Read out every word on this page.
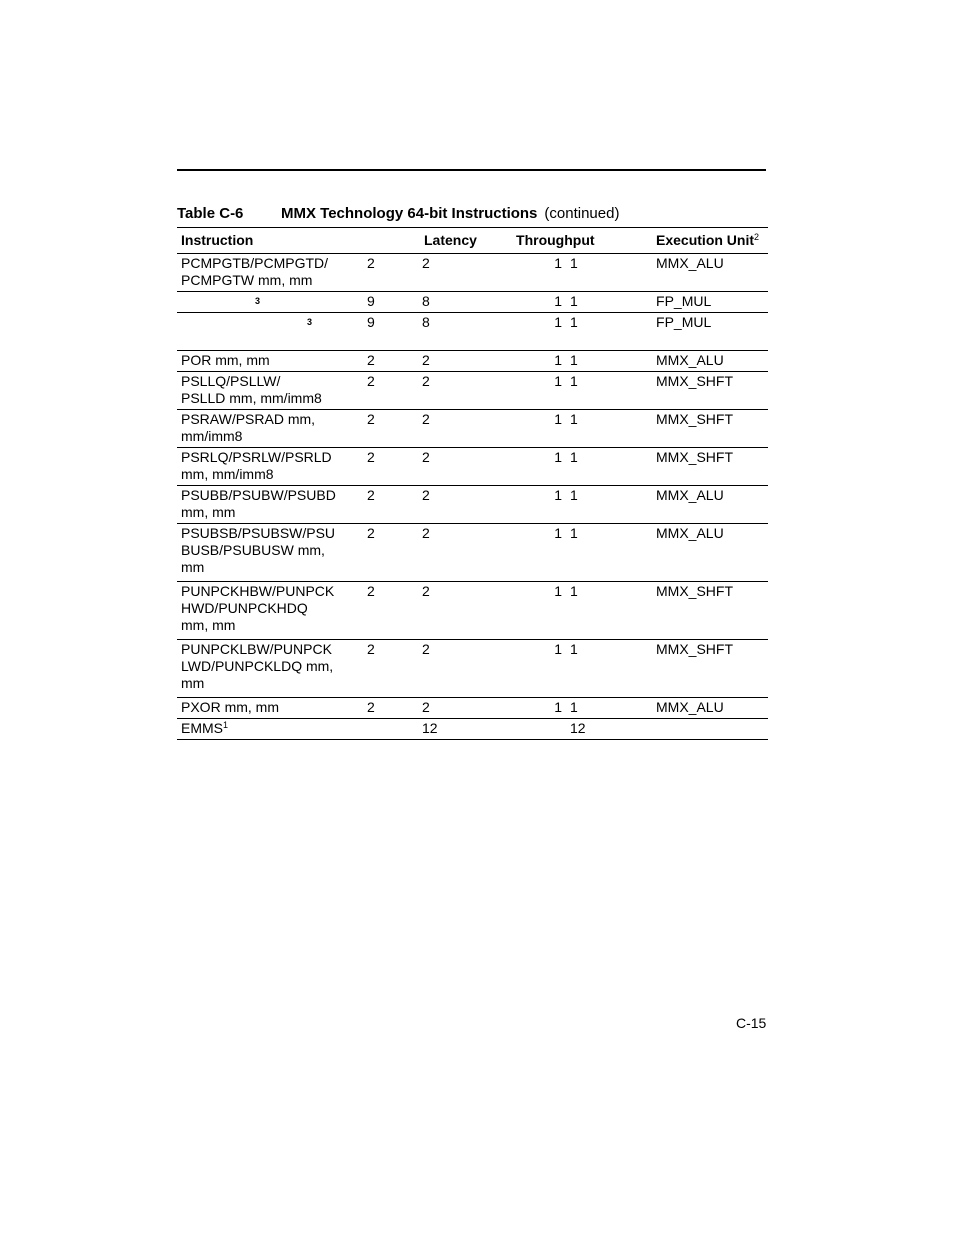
Table C-6	MMX Technology 64-bit Instructions (continued)
Instruction	Latency	Throughput	Execution Unit$^2$
PCMPGTB/PCMPGTD/
PCMPGTW mm, mm	2	2	1	1	MMX_ALU

3	9	8	1	1	FP_MUL

3	9	8	1	1	FP_MUL
POR mm, mm	2	2	1	1	MMX_ALU
PSLLQ/PSLLW/
PSLLD mm, mm/imm8	2	2	1	1	MMX_SHFT
PSRAW/PSRAD mm,
mm/imm8	2	2	1	1	MMX_SHFT
PSRLQ/PSRLW/PSRLD
mm, mm/imm8	2	2	1	1	MMX_SHFT
PSUBB/PSUBW/PSUBD
mm, mm	2	2	1	1	MMX_ALU
PSUBSB/PSUBSW/PSU
BUSB/PSUBUSW mm,
mm	2	2	1	1	MMX_ALU
PUNPCKHBW/PUNPCK
HWD/PUNPCKHDQ
mm, mm	2	2	1	1	MMX_SHFT
PUNPCKLBW/PUNPCK
LWD/PUNPCKLDQ mm,
mm	2	2	1	1	MMX_SHFT
PXOR mm, mm	2	2	1	1	MMX_ALU
EMMS$^1$		12		12	
C-15
